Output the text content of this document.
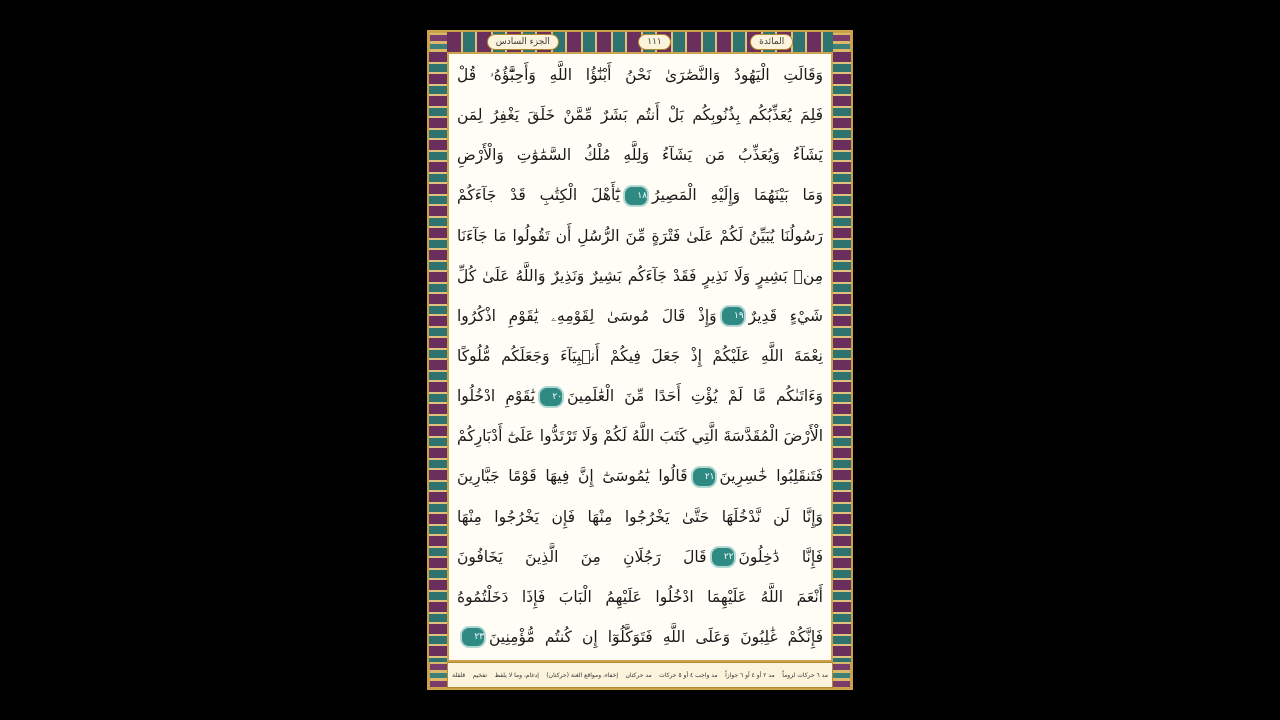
الجزء السادس	١١١	المائدة
وَقَالَتِ الْيَهُودُ وَالنَّصَٰرَىٰ نَحْنُ أَبْنَٰٓؤُا اللَّهِ وَأَحِبَّٰٓؤُهُۥ قُلْ
فَلِمَ يُعَذِّبُكُم بِذُنُوبِكُم بَلْ أَنتُم بَشَرٌ مِّمَّنْ خَلَقَ يَغْفِرُ لِمَن
يَشَآءُ وَيُعَذِّبُ مَن يَشَآءُ وَلِلَّهِ مُلْكُ السَّمَٰوَٰتِ وَالْأَرْضِ
وَمَا بَيْنَهُمَا وَإِلَيْهِ الْمَصِيرُ١٨يَٰٓأَهْلَ الْكِتَٰبِ قَدْ جَآءَكُمْ
رَسُولُنَا يُبَيِّنُ لَكُمْ عَلَىٰ فَتْرَةٍ مِّنَ الرُّسُلِ أَن تَقُولُوا مَا جَآءَنَا
مِنۢ بَشِيرٍ وَلَا نَذِيرٍ فَقَدْ جَآءَكُم بَشِيرٌ وَنَذِيرٌ وَاللَّهُ عَلَىٰ كُلِّ
شَيْءٍ قَدِيرٌ١٩وَإِذْ قَالَ مُوسَىٰ لِقَوْمِهِۦ يَٰقَوْمِ اذْكُرُوا
نِعْمَةَ اللَّهِ عَلَيْكُمْ إِذْ جَعَلَ فِيكُمْ أَنۢبِيَآءَ وَجَعَلَكُم مُّلُوكًا
وَءَاتَىٰكُم مَّا لَمْ يُؤْتِ أَحَدًا مِّنَ الْعَٰلَمِينَ٢٠يَٰقَوْمِ ادْخُلُوا
الْأَرْضَ الْمُقَدَّسَةَ الَّتِي كَتَبَ اللَّهُ لَكُمْ وَلَا تَرْتَدُّوا عَلَىٰٓ أَدْبَارِكُمْ
فَتَنقَلِبُوا خَٰسِرِينَ٢١قَالُوا يَٰمُوسَىٰٓ إِنَّ فِيهَا قَوْمًا جَبَّارِينَ
وَإِنَّا لَن نَّدْخُلَهَا حَتَّىٰ يَخْرُجُوا مِنْهَا فَإِن يَخْرُجُوا مِنْهَا
فَإِنَّا دَٰخِلُونَ٢٢قَالَ رَجُلَانِ مِنَ الَّذِينَ يَخَافُونَ
أَنْعَمَ اللَّهُ عَلَيْهِمَا ادْخُلُوا عَلَيْهِمُ الْبَابَ فَإِذَا دَخَلْتُمُوهُ
فَإِنَّكُمْ غَٰلِبُونَ وَعَلَى اللَّهِ فَتَوَكَّلُوٓا إِن كُنتُم مُّؤْمِنِينَ٢٣
مد ٦ حركات لزوماً
مد ٢ أو ٤ أو ٦ جوازاً
مد واجب ٤ أو ٥ حركات
مد حركتان
إخفاء، ومواقع الغنة (حركتان)
إدغام، وما لا يلفظ
تفخيم
قلقلة
